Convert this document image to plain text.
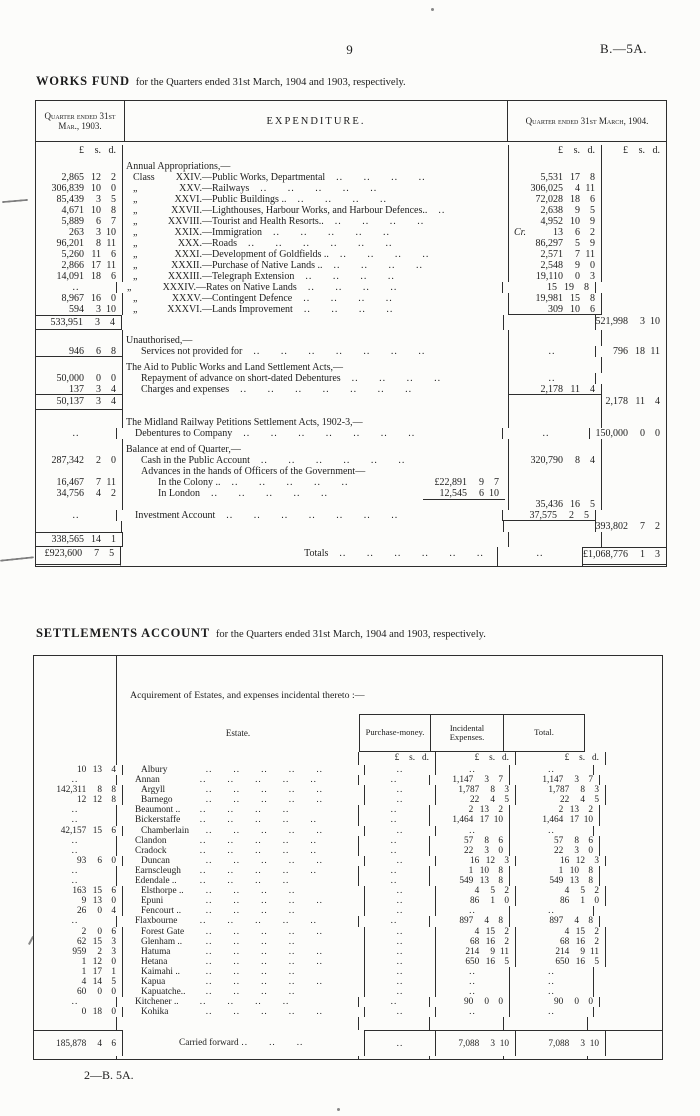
9	B.—5A.
WORKS FUND for the Quarters ended 31st March, 1904 and 1903, respectively.
Quarter ended 31st Mar., 1903.	EXPENDITURE.	Quarter ended 31st March, 1904.
£	s. d.	£	s. d.	£	s. d.
Annual Appropriations,—
2,865 12	2	Class	XXIV. —Public Works, Departmental	.. .. .. ..	5,531 17	8
306,839 10	0	„	XXV. —Railways	.. .. .. .. ..	306,025	4 11
85,439	3	5	„	XXVI. —Public Buildings ..	.. .. .. ..	72,028 18	6
4,671 10	8	„	XXVII. —Lighthouses, Harbour Works, and Harbour Defences..	..	2,638	9	5
5,889	6	7	„	XXVIII. —Tourist and Health Resorts..	.. .. .. ..	4,952 10	9
263	3 10	„	XXIX. —Immigration	.. .. .. .. ..	Cr.	13	6	2
96,201	8 11	„	XXX. —Roads	.. .. .. .. .. ..	86,297	5	9
5,260 11	6	„	XXXI. —Development of Goldfields ..	.. .. .. ..	2,571	7 11
2,866 17 11	„	XXXII. —Purchase of Native Lands ..	.. .. .. ..	2,548	9	0
14,091 18	6	„	XXXIII. —Telegraph Extension	.. .. .. ..	19,110	0	3
..	„	XXXIV. —Rates on Native Lands	.. .. .. ..	15 19	8
8,967 16	0	„	XXXV. —Contingent Defence	.. .. .. ..	19,981 15	8
594	3 10	„	XXXVI. —Lands Improvement	.. .. .. ..	309 10	6
533,951	3	4	521,998	3 10
Unauthorised,—
946	6	8	Services not provided for	.. .. .. .. .. .. ..	..	796 18 11
The Aid to Public Works and Land Settlement Acts,—
50,000	0	0	Repayment of advance on short-dated Debentures	.. .. .. ..	..
137	3	4	Charges and expenses	.. .. .. .. .. .. ..	2,178 11	4
50,137	3	4	2,178 11	4
The Midland Railway Petitions Settlement Acts, 1902-3,—
..	Debentures to Company	.. .. .. .. .. .. ..	..	150,000	0	0
Balance at end of Quarter,—
287,342	2	0	Cash in the Public Account	.. .. .. .. .. ..	320,790	8	4
Advances in the hands of Officers of the Government—
16,467	7 11	In the Colony ..	.. .. .. .. ..	£22,891	9	7
34,756	4	2	In London	.. .. .. .. ..	12,545	6 10
35,436 16	5
..	Investment Account	.. .. .. .. .. .. ..	37,575	2	5
393,802	7	2
338,565 14	1
£923,600	7	5	Totals	.. .. .. .. .. ..	..	£1,068,776	1	3
SETTLEMENTS ACCOUNT for the Quarters ended 31st March, 1904 and 1903, respectively.
Acquirement of Estates, and expenses incidental thereto :—
Estate.	Purchase-money.	Incidental Expenses.	Total.
£	s. d.	£	s. d.	£	s. d.
10 13 4	Albury	.. .. .. .. ..	..	..	..
..	Annan	.. .. .. .. ..	..	1,147	3 7	1,147	3 7
142,311	8 8	Argyll	.. .. .. .. ..	..	1,787	8 3	1,787	8 3
12 12 8	Barnego	.. .. .. .. ..	..	22	4 5	22	4 5
..	Beaumont ..	.. .. .. ..	..	2 13 2	2 13 2
..	Bickerstaffe	.. .. .. .. ..	..	1,464 17 10	1,464 17 10
42,157 15 6	Chamberlain	.. .. .. .. ..	..	..	..
..	Clandon	.. .. .. .. ..	..	57	8 6	57	8 6
..	Cradock	.. .. .. .. ..	..	22	3 0	22	3 0
93	6 0	Duncan	.. .. .. .. ..	..	16 12 3	16 12 3
..	Earnscleugh	.. .. .. .. ..	..	1 10 8	1 10 8
..	Edendale ..	.. .. .. ..	..	549 13 8	549 13 8
163 15 6	Elsthorpe ..	.. .. .. ..	..	4	5 2	4	5 2
9 13 0	Epuni	.. .. .. .. ..	..	86	1 0	86	1 0
26	0 4	Fencourt ..	.. .. .. ..	..	..	..
..	Flaxbourne	.. .. .. .. ..	..	897	4 8	897	4 8
2	0 6	Forest Gate	.. .. .. .. ..	..	4 15 2	4 15 2
62 15 3	Glenham ..	.. .. .. ..	..	68 16 2	68 16 2
959	2 3	Hatuma	.. .. .. .. ..	..	214	9 11	214	9 11
1 12 0	Hetana	.. .. .. .. ..	..	650 16 5	650 16 5
1 17 1	Kaimahi ..	.. .. .. ..	..	..	..
4 14 5	Kapua	.. .. .. .. ..	..	..	..
60	0 0	Kapuatche..	.. .. .. ..	..	..	..
..	Kitchener ..	.. .. .. ..	..	90	0 0	90	0 0
0 18 0	Kohika	.. .. .. .. ..	..	..	..
185,878	4 6	Carried forward .. .. ..	..	7,088	3 10	7,088	3 10
2—B. 5A.
